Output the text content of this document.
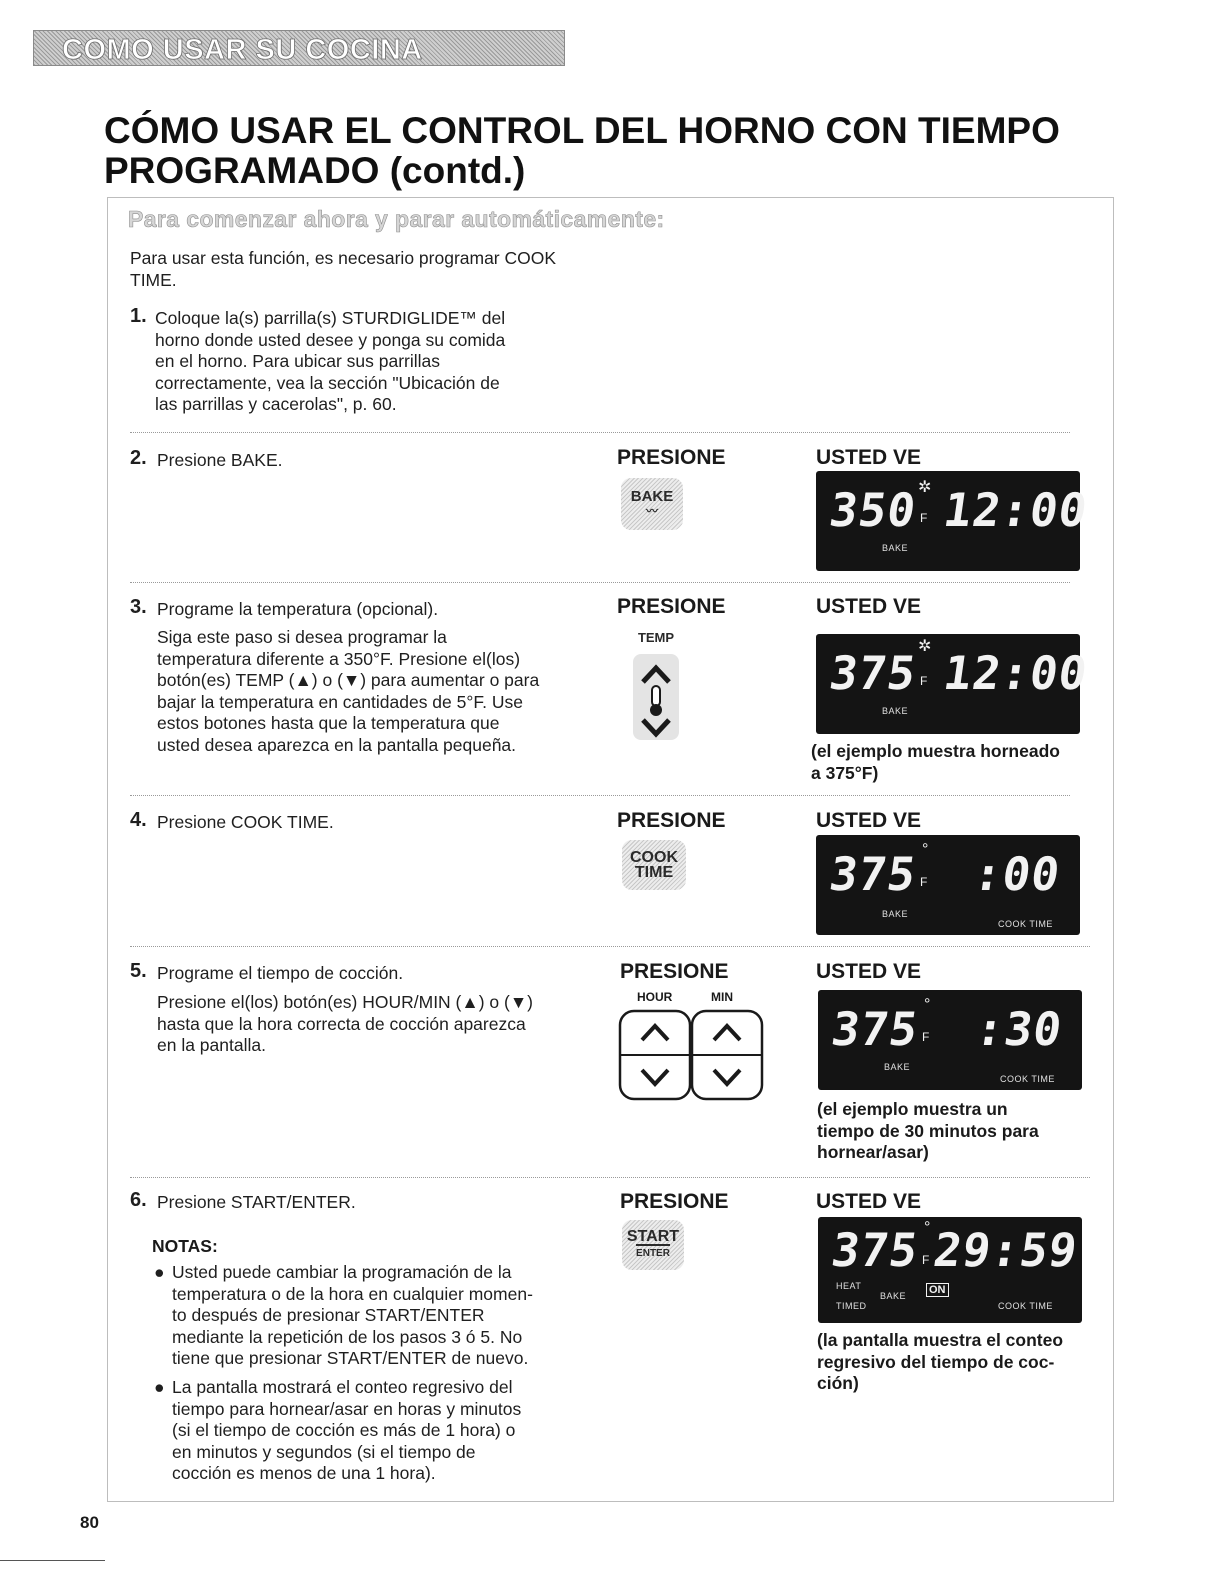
COMO USAR SU COCINA
CÓMO USAR EL CONTROL DEL HORNO CON TIEMPO PROGRAMADO (contd.)
Para comenzar ahora y parar automáticamente:
Para usar esta función, es necesario programar COOK TIME.
1. Coloque la(s) parrilla(s) STURDIGLIDE™ del
horno donde usted desee y ponga su comida
en el horno. Para ubicar sus parrillas
correctamente, vea la sección "Ubicación de
las parrillas y cacerolas", p. 60.
2. Presione BAKE.	PRESIONE	USTED VE
BAKE
〰	350
✲
F 12:00
BAKE
3. Programe la temperatura (opcional).
Siga este paso si desea programar la
temperatura diferente a 350°F. Presione el(los)
botón(es) TEMP (▲) o (▼) para aumentar o para
bajar la temperatura en cantidades de 5°F. Use
estos botones hasta que la temperatura que
usted desea aparezca en la pantalla pequeña.
PRESIONE	USTED VE
TEMP
375
✲
F 12:00
BAKE
(el ejemplo muestra horneado
a 375°F)
4. Presione COOK TIME.	PRESIONE	USTED VE
COOK
TIME	375 °
F :00
BAKE
COOK TIME
5. Programe el tiempo de cocción.
Presione el(los) botón(es) HOUR/MIN (▲) o (▼)
hasta que la hora correcta de cocción aparezca
en la pantalla.
PRESIONE	USTED VE
HOUR	MIN
375 °
F :30
BAKE
COOK TIME
(el ejemplo muestra un
tiempo de 30 minutos para
hornear/asar)
6. Presione START/ENTER.	PRESIONE	USTED VE
START
ENTER	375 °
F 29:59
HEAT
TIMED
BAKE ON
COOK TIME
(la pantalla muestra el conteo
regresivo del tiempo de coc-
ción)
NOTAS:
● Usted puede cambiar la programación de la
temperatura o de la hora en cualquier momen-
to después de presionar START/ENTER
mediante la repetición de los pasos 3 ó 5. No
tiene que presionar START/ENTER de nuevo.
● La pantalla mostrará el conteo regresivo del
tiempo para hornear/asar en horas y minutos
(si el tiempo de cocción es más de 1 hora) o
en minutos y segundos (si el tiempo de
cocción es menos de una 1 hora).
80
